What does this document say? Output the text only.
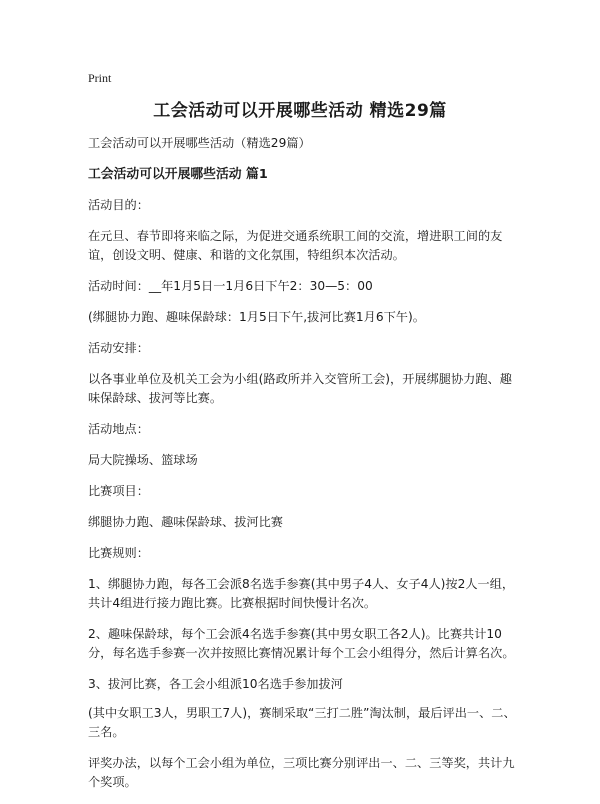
Print
工会活动可以开展哪些活动 精选29篇

工会活动可以开展哪些活动（精选29篇）

工会活动可以开展哪些活动 篇1

活动目的：

在元旦、春节即将来临之际，为促进交通系统职工间的交流，增进职工间的友谊，创设文明、健康、和谐的文化氛围，特组织本次活动。

活动时间：__年1月5日一1月6日下午2：30—5：00

(绑腿协力跑、趣味保龄球：1月5日下午,拔河比赛1月6下午)。

活动安排：

以各事业单位及机关工会为小组(路政所并入交管所工会)，开展绑腿协力跑、趣味保龄球、拔河等比赛。

活动地点：

局大院操场、篮球场

比赛项目：

绑腿协力跑、趣味保龄球、拔河比赛

比赛规则：

1、绑腿协力跑，每各工会派8名选手参赛(其中男子4人、女子4人)按2人一组，共计4组进行接力跑比赛。比赛根据时间快慢计名次。

2、趣味保龄球，每个工会派4名选手参赛(其中男女职工各2人)。比赛共计10分，每名选手参赛一次并按照比赛情况累计每个工会小组得分，然后计算名次。

3、拔河比赛，各工会小组派10名选手参加拔河

(其中女职工3人，男职工7人)，赛制采取“三打二胜”淘汰制，最后评出一、二、三名。

评奖办法，以每个工会小组为单位，三项比赛分别评出一、二、三等奖，共计九个奖项。
